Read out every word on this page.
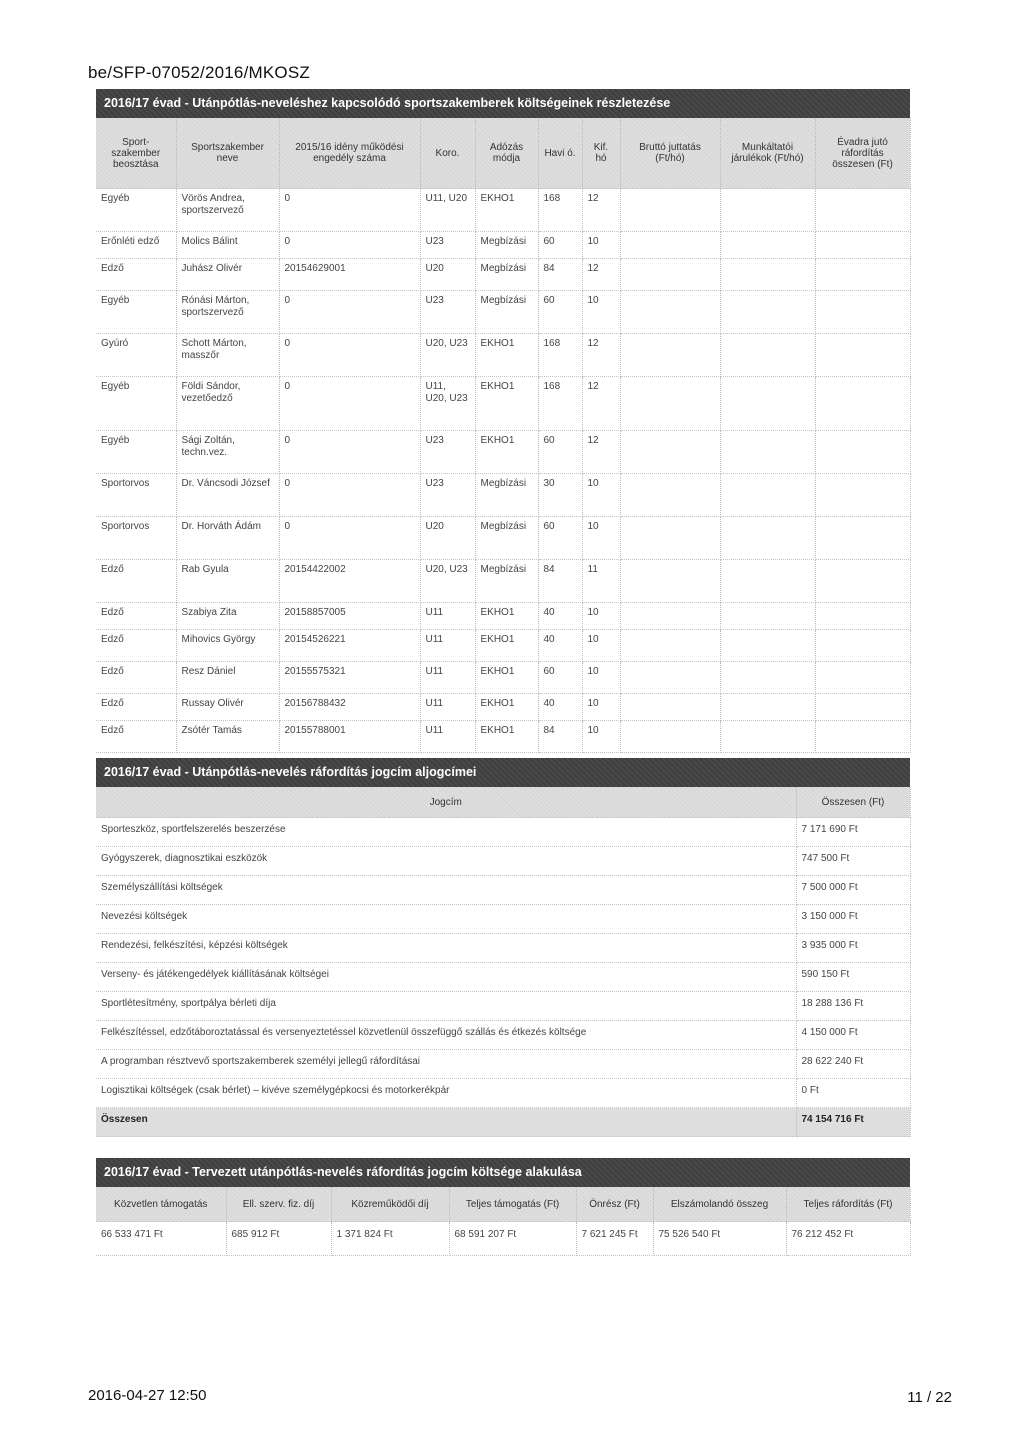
be/SFP-07052/2016/MKOSZ
2016/17 évad - Utánpótlás-neveléshez kapcsolódó sportszakemberek költségeinek részletezése
Sport-szakember beosztása	Sportszakember neve	2015/16 idény működési engedély száma	Koro.	Adózás módja	Havi ó.	Kif. hó	Bruttó juttatás (Ft/hó)	Munkáltatói járulékok (Ft/hó)	Évadra jutó ráfordítás összesen (Ft)
Egyéb	Vörös Andrea, sportszervező	0	U11, U20	EKHO1	168	12			
Erőnléti edző	Molics Bálint	0	U23	Megbízási	60	10			
Edző	Juhász Olivér	20154629001	U20	Megbízási	84	12			
Egyéb	Rónási Márton, sportszervező	0	U23	Megbízási	60	10			
Gyúró	Schott Márton, masszőr	0	U20, U23	EKHO1	168	12			
Egyéb	Földi Sándor, vezetőedző	0	U11, U20, U23	EKHO1	168	12			
Egyéb	Sági Zoltán, techn.vez.	0	U23	EKHO1	60	12			
Sportorvos	Dr. Váncsodi József	0	U23	Megbízási	30	10			
Sportorvos	Dr. Horváth Ádám	0	U20	Megbízási	60	10			
Edző	Rab Gyula	20154422002	U20, U23	Megbízási	84	11			
Edző	Szabiya Zita	20158857005	U11	EKHO1	40	10			
Edző	Mihovics György	20154526221	U11	EKHO1	40	10			
Edző	Resz Dániel	20155575321	U11	EKHO1	60	10			
Edző	Russay Olivér	20156788432	U11	EKHO1	40	10			
Edző	Zsótér Tamás	20155788001	U11	EKHO1	84	10			
2016/17 évad - Utánpótlás-nevelés ráfordítás jogcím aljogcímei
Jogcím	Összesen (Ft)
Sporteszköz, sportfelszerelés beszerzése	7 171 690 Ft
Gyógyszerek, diagnosztikai eszközök	747 500 Ft
Személyszállítási költségek	7 500 000 Ft
Nevezési költségek	3 150 000 Ft
Rendezési, felkészítési, képzési költségek	3 935 000 Ft
Verseny- és játékengedélyek kiállításának költségei	590 150 Ft
Sportlétesítmény, sportpálya bérleti díja	18 288 136 Ft
Felkészítéssel, edzőtáboroztatással és versenyeztetéssel közvetlenül összefüggő szállás és étkezés költsége	4 150 000 Ft
A programban résztvevő sportszakemberek személyi jellegű ráfordításai	28 622 240 Ft
Logisztikai költségek (csak bérlet) – kivéve személygépkocsi és motorkerékpár	0 Ft
Összesen	74 154 716 Ft
2016/17 évad - Tervezett utánpótlás-nevelés ráfordítás jogcím költsége alakulása
Közvetlen támogatás	Ell. szerv. fiz. díj	Közreműködői díj	Teljes támogatás (Ft)	Önrész (Ft)	Elszámolandó összeg	Teljes ráfordítás (Ft)
66 533 471 Ft	685 912 Ft	1 371 824 Ft	68 591 207 Ft	7 621 245 Ft	75 526 540 Ft	76 212 452 Ft
2016-04-27 12:50	11 / 22
